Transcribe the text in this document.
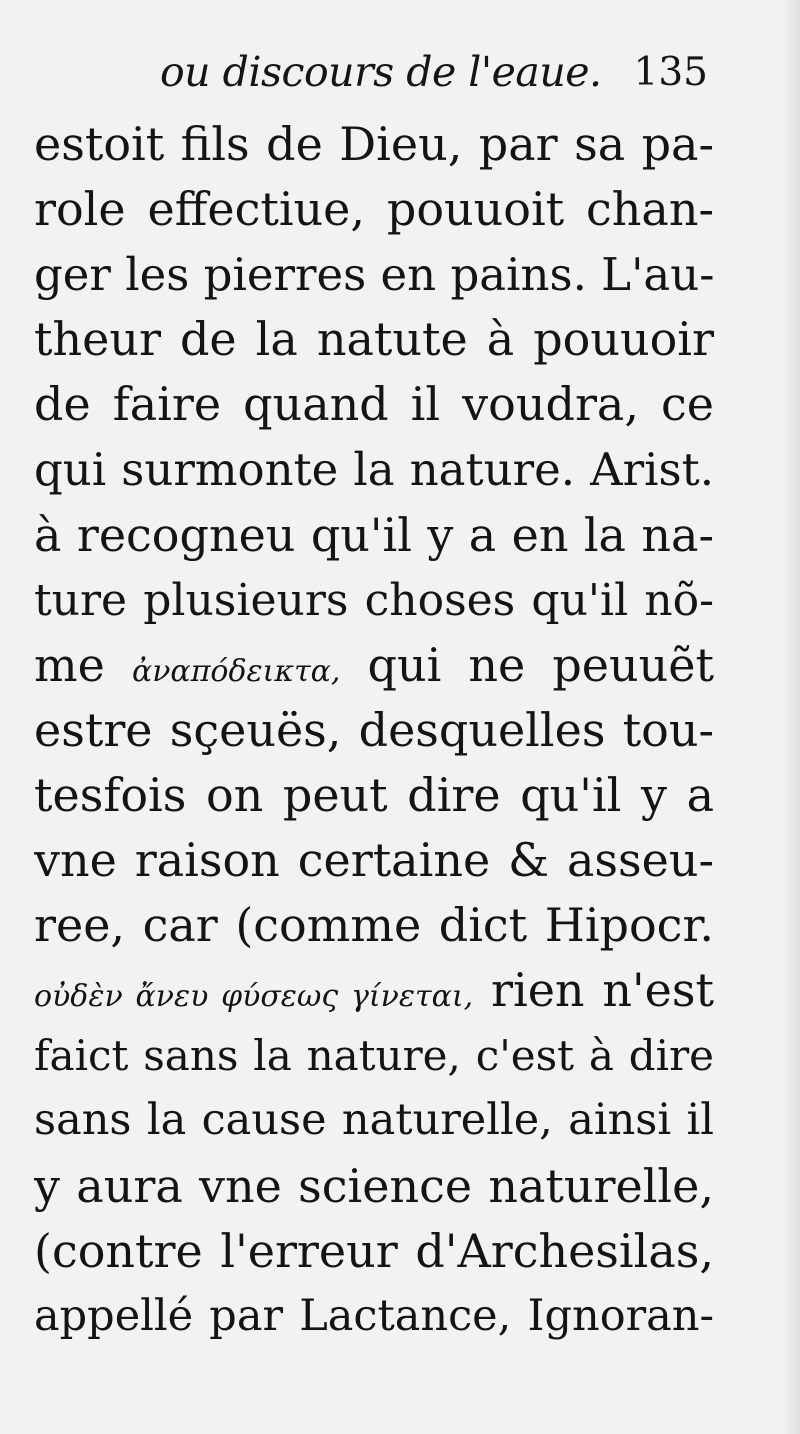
ou discours de l'eaue. 135
estoit fils de Dieu, par sa pa-
role effectiue, pouuoit chan-
ger les pierres en pains. L'au-
theur de la natute à pouuoir
de faire quand il voudra, ce
qui surmonte la nature. Arist.
à recogneu qu'il y a en la na-
ture plusieurs choses qu'il nõ-
me ἀναπόδεικτα, qui ne peuuẽt
estre sçeuës, desquelles tou-
tesfois on peut dire qu'il y a
vne raison certaine & asseu-
ree, car (comme dict Hipocr.
οὐδὲν ἄνευ φύσεως γίνεται, rien n'est
faict sans la nature, c'est à dire
sans la cause naturelle, ainsi il
y aura vne science naturelle,
(contre l'erreur d'Archesilas,
appellé par Lactance, Ignoran-
